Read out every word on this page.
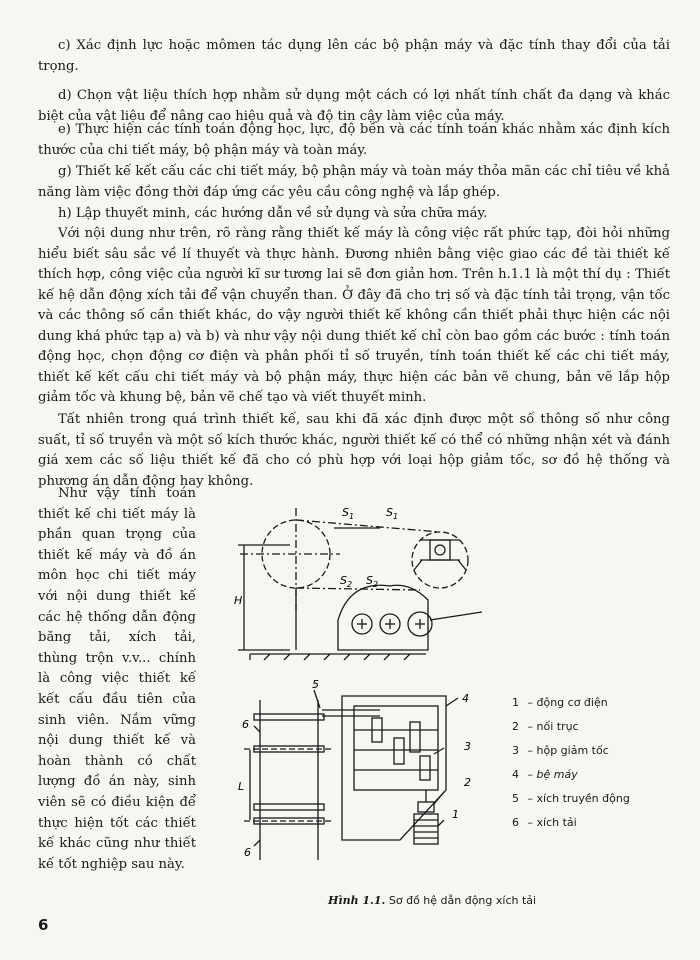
c) Xác định lực hoặc mômen tác dụng lên các bộ phận máy và đặc tính thay đổi của tải trọng.

d) Chọn vật liệu thích hợp nhằm sử dụng một cách có lợi nhất tính chất đa dạng và khác biệt của vật liệu để nâng cao hiệu quả và độ tin cậy làm việc của máy.

e) Thực hiện các tính toán động học, lực, độ bền và các tính toán khác nhằm xác định kích thước của chi tiết máy, bộ phận máy và toàn máy.

g) Thiết kế kết cấu các chi tiết máy, bộ phận máy và toàn máy thỏa mãn các chỉ tiêu về khả năng làm việc đồng thời đáp ứng các yêu cầu công nghệ và lắp ghép.

h) Lập thuyết minh, các hướng dẫn về sử dụng và sửa chữa máy.

Với nội dung như trên, rõ ràng rằng thiết kế máy là công việc rất phức tạp, đòi hỏi những hiểu biết sâu sắc về lí thuyết và thực hành. Đương nhiên bằng việc giao các đề tài thiết kế thích hợp, công việc của người kĩ sư tương lai sẽ đơn giản hơn. Trên h.1.1 là một thí dụ : Thiết kế hệ dẫn động xích tải để vận chuyển than. Ở đây đã cho trị số và đặc tính tải trọng, vận tốc và các thông số cần thiết khác, do vậy người thiết kế không cần thiết phải thực hiện các nội dung khá phức tạp a) và b) và như vậy nội dung thiết kế chỉ còn bao gồm các bước : tính toán động học, chọn động cơ điện và phân phối tỉ số truyền, tính toán thiết kế các chi tiết máy, thiết kế kết cấu chi tiết máy và bộ phận máy, thực hiện các bản vẽ chung, bản vẽ lắp hộp giảm tốc và khung bệ, bản vẽ chế tạo và viết thuyết minh.

Tất nhiên trong quá trình thiết kế, sau khi đã xác định được một số thông số như công suất, tỉ số truyền và một số kích thước khác, người thiết kế có thể có những nhận xét và đánh giá xem các số liệu thiết kế đã cho có phù hợp với loại hộp giảm tốc, sơ đồ hệ thống và phương án dẫn động hay không.

Như vậy tính toán thiết kế chi tiết máy là phần quan trọng của thiết kế máy và đồ án môn học chi tiết máy với nội dung thiết kế các hệ thống dẫn động băng tải, xích tải, thùng trộn v.v... chính là công việc thiết kế kết cấu đầu tiên của sinh viên. Nắm vững nội dung thiết kế và hoàn thành có chất lượng đồ án này, sinh viên sẽ có điều kiện để thực hiện tốt các thiết kế khác cũng như thiết kế tốt nghiệp sau này.

S 1	S 1
S 2 S 2
H
L
5
6
6
4
3
2
1
1 – động cơ điện
2 – nối trục
3 – hộp giảm tốc
4 – bệ máy
5 – xích truyền động
6 – xích tải
Hình 1.1. Sơ đồ hệ dẫn động xích tải
6
